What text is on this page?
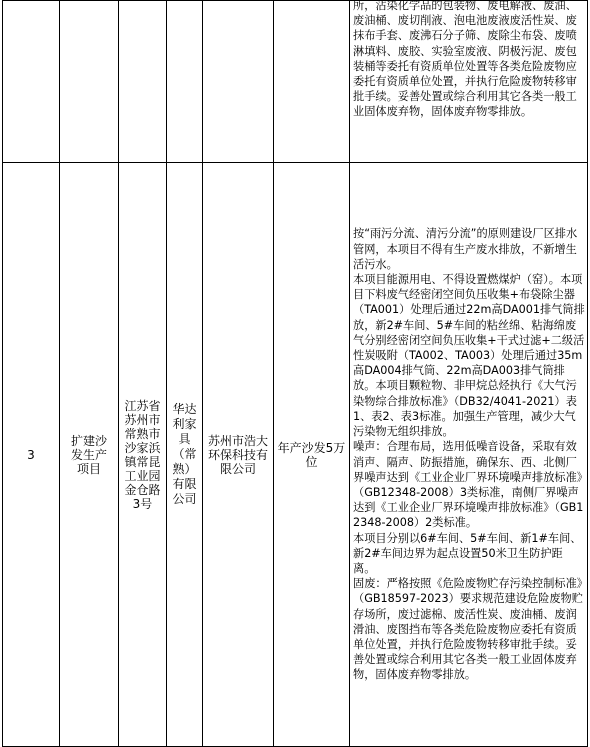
						所，沾染化学品的包装物、废电解液、废油、废油桶、废切削液、泡电池废液废活性炭、废抹布手套、废沸石分子筛、废除尘布袋、废喷淋填料、废胶、实验室废液、阴极污泥、废包装桶等委托有资质单位处置等各类危险废物应委托有资质单位处置，并执行危险废物转移审批手续。妥善处置或综合利用其它各类一般工业固体废弃物，固体废弃物零排放。

3	扩建沙发生产项目	江苏省苏州市常熟市沙家浜镇常昆工业园金仓路3号	华达利家具（常熟）有限公司	苏州市浩大环保科技有限公司	年产沙发5万位	按“雨污分流、清污分流”的原则建设厂区排水管网，本项目不得有生产废水排放，不新增生活污水。
本项目能源用电、不得设置燃煤炉（窑）。本项目下料废气经密闭空间负压收集+布袋除尘器（TA001）处理后通过22m高DA001排气筒排放，新2#车间、5#车间的粘丝绵、粘海绵废气分别经密闭空间负压收集+干式过滤+二级活性炭吸附（TA002、TA003）处理后通过35m高DA004排气筒、22m高DA003排气筒排放。本项目颗粒物、非甲烷总烃执行《大气污染物综合排放标准》（DB32/4041-2021）表1、表2、表3标准。加强生产管理，减少大气污染物无组织排放。
噪声：合理布局，选用低噪音设备，采取有效消声、隔声、防振措施，确保东、西、北侧厂界噪声达到《工业企业厂界环境噪声排放标准》（GB12348-2008）3类标准，南侧厂界噪声达到《工业企业厂界环境噪声排放标准》（GB12348-2008）2类标准。
本项目分别以6#车间、5#车间、新1#车间、新2#车间边界为起点设置50米卫生防护距离。
固废：严格按照《危险废物贮存污染控制标准》（GB18597-2023）要求规范建设危险废物贮存场所，废过滤棉、废活性炭、废油桶、废润滑油、废图挡布等各类危险废物应委托有资质单位处置，并执行危险废物转移审批手续。妥善处置或综合利用其它各类一般工业固体废弃物，固体废弃物零排放。
